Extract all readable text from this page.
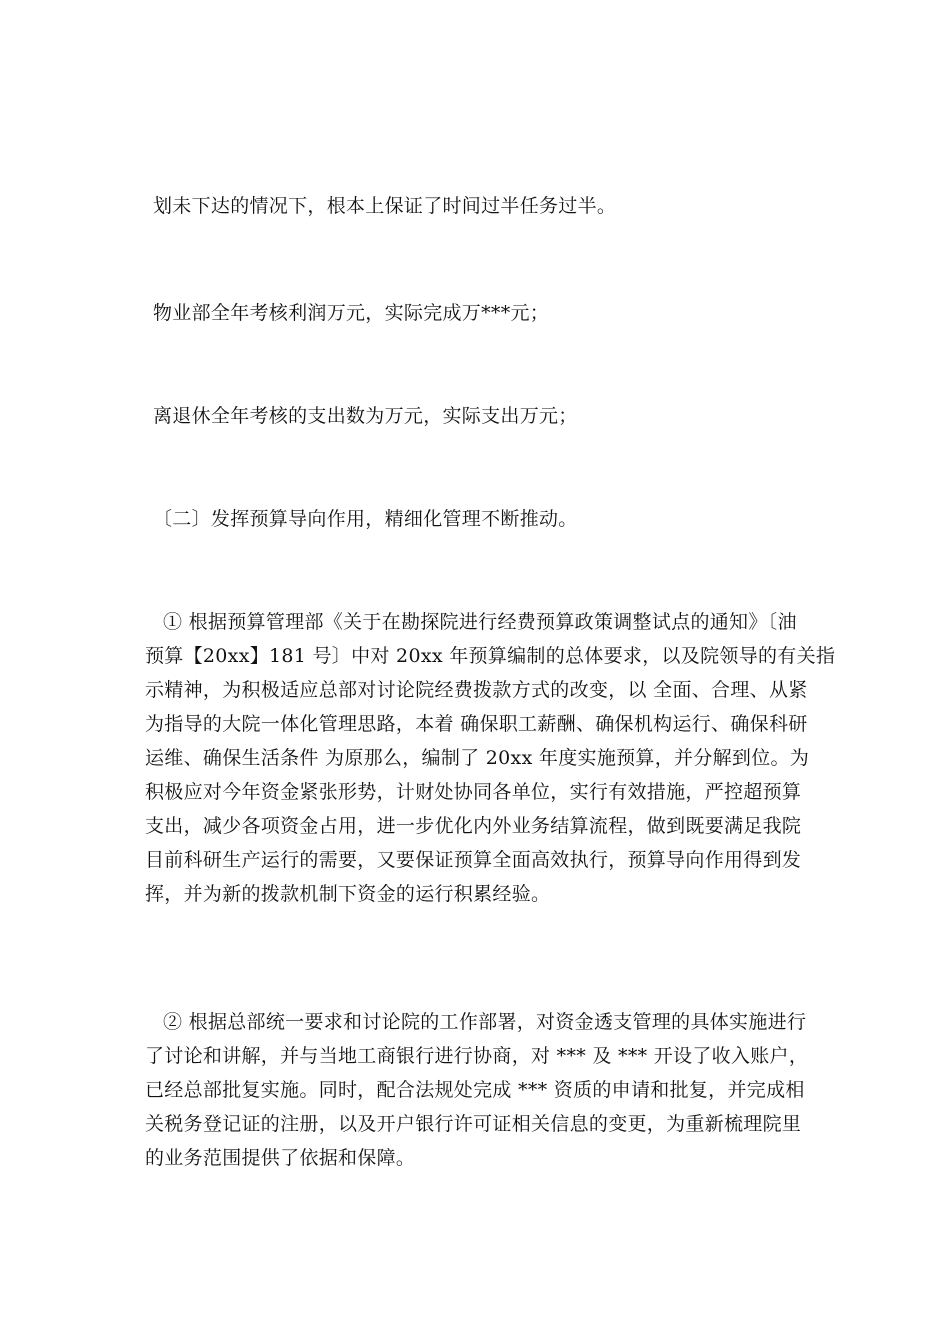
划未下达的情况下，根本上保证了时间过半任务过半。
物业部全年考核利润万元，实际完成万***元；
离退休全年考核的支出数为万元，实际支出万元；
〔二〕发挥预算导向作用，精细化管理不断推动。
① 根据预算管理部《关于在勘探院进行经费预算政策调整试点的通知》〔油
预算【20xx】181 号〕中对 20xx 年预算编制的总体要求，以及院领导的有关指
示精神，为积极适应总部对讨论院经费拨款方式的改变，以 全面、合理、从紧
为指导的大院一体化管理思路，本着 确保职工薪酬、确保机构运行、确保科研
运维、确保生活条件 为原那么，编制了 20xx 年度实施预算，并分解到位。为
积极应对今年资金紧张形势，计财处协同各单位，实行有效措施，严控超预算
支出，减少各项资金占用，进一步优化内外业务结算流程，做到既要满足我院
目前科研生产运行的需要，又要保证预算全面高效执行，预算导向作用得到发
挥，并为新的拨款机制下资金的运行积累经验。
② 根据总部统一要求和讨论院的工作部署，对资金透支管理的具体实施进行
了讨论和讲解，并与当地工商银行进行协商，对 *** 及 *** 开设了收入账户，
已经总部批复实施。同时，配合法规处完成 *** 资质的申请和批复，并完成相
关税务登记证的注册，以及开户银行许可证相关信息的变更，为重新梳理院里
的业务范围提供了依据和保障。
